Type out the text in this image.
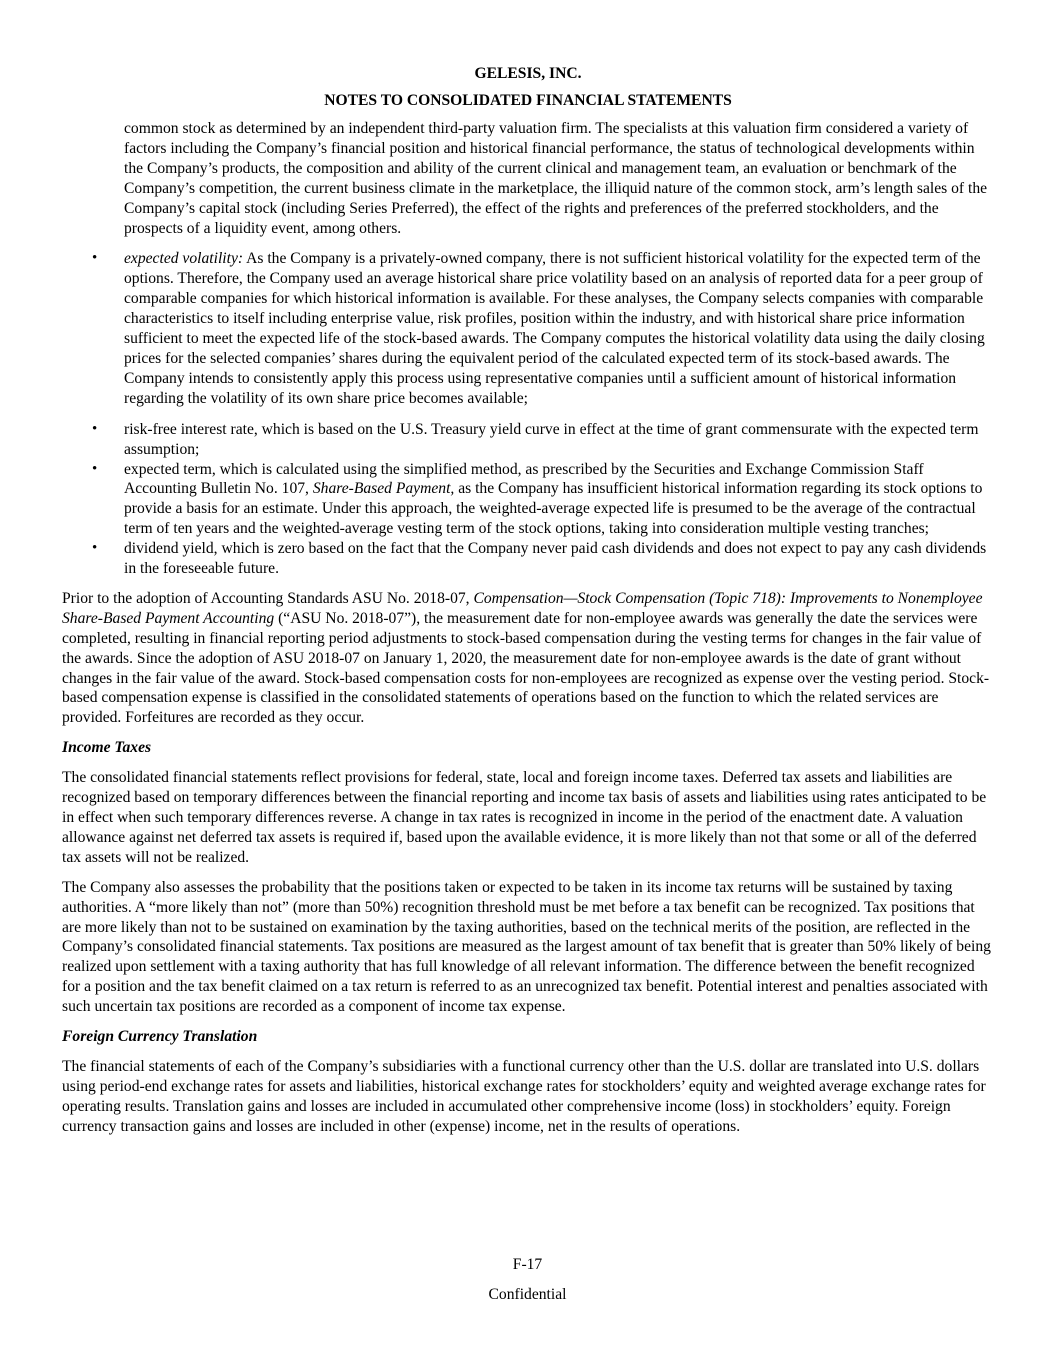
GELESIS, INC.
NOTES TO CONSOLIDATED FINANCIAL STATEMENTS

common stock as determined by an independent third-party valuation firm. The specialists at this valuation firm considered a variety of factors including the Company’s financial position and historical financial performance, the status of technological developments within the Company’s products, the composition and ability of the current clinical and management team, an evaluation or benchmark of the Company’s competition, the current business climate in the marketplace, the illiquid nature of the common stock, arm’s length sales of the Company’s capital stock (including Series Preferred), the effect of the rights and preferences of the preferred stockholders, and the prospects of a liquidity event, among others.

• expected volatility: As the Company is a privately-owned company, there is not sufficient historical volatility for the expected term of the options. Therefore, the Company used an average historical share price volatility based on an analysis of reported data for a peer group of comparable companies for which historical information is available. For these analyses, the Company selects companies with comparable characteristics to itself including enterprise value, risk profiles, position within the industry, and with historical share price information sufficient to meet the expected life of the stock-based awards. The Company computes the historical volatility data using the daily closing prices for the selected companies’ shares during the equivalent period of the calculated expected term of its stock-based awards. The Company intends to consistently apply this process using representative companies until a sufficient amount of historical information regarding the volatility of its own share price becomes available;
• risk-free interest rate, which is based on the U.S. Treasury yield curve in effect at the time of grant commensurate with the expected term assumption;
• expected term, which is calculated using the simplified method, as prescribed by the Securities and Exchange Commission Staff Accounting Bulletin No. 107, Share-Based Payment, as the Company has insufficient historical information regarding its stock options to provide a basis for an estimate. Under this approach, the weighted-average expected life is presumed to be the average of the contractual term of ten years and the weighted-average vesting term of the stock options, taking into consideration multiple vesting tranches;
• dividend yield, which is zero based on the fact that the Company never paid cash dividends and does not expect to pay any cash dividends in the foreseeable future.

Prior to the adoption of Accounting Standards ASU No. 2018-07, Compensation—Stock Compensation (Topic 718): Improvements to Nonemployee Share-Based Payment Accounting (“ASU No. 2018-07”), the measurement date for non-employee awards was generally the date the services were completed, resulting in financial reporting period adjustments to stock-based compensation during the vesting terms for changes in the fair value of the awards. Since the adoption of ASU 2018-07 on January 1, 2020, the measurement date for non-employee awards is the date of grant without changes in the fair value of the award. Stock-based compensation costs for non-employees are recognized as expense over the vesting period. Stock-based compensation expense is classified in the consolidated statements of operations based on the function to which the related services are provided. Forfeitures are recorded as they occur.

Income Taxes

The consolidated financial statements reflect provisions for federal, state, local and foreign income taxes. Deferred tax assets and liabilities are recognized based on temporary differences between the financial reporting and income tax basis of assets and liabilities using rates anticipated to be in effect when such temporary differences reverse. A change in tax rates is recognized in income in the period of the enactment date. A valuation allowance against net deferred tax assets is required if, based upon the available evidence, it is more likely than not that some or all of the deferred tax assets will not be realized.

The Company also assesses the probability that the positions taken or expected to be taken in its income tax returns will be sustained by taxing authorities. A “more likely than not” (more than 50%) recognition threshold must be met before a tax benefit can be recognized. Tax positions that are more likely than not to be sustained on examination by the taxing authorities, based on the technical merits of the position, are reflected in the Company’s consolidated financial statements. Tax positions are measured as the largest amount of tax benefit that is greater than 50% likely of being realized upon settlement with a taxing authority that has full knowledge of all relevant information. The difference between the benefit recognized for a position and the tax benefit claimed on a tax return is referred to as an unrecognized tax benefit. Potential interest and penalties associated with such uncertain tax positions are recorded as a component of income tax expense.

Foreign Currency Translation

The financial statements of each of the Company’s subsidiaries with a functional currency other than the U.S. dollar are translated into U.S. dollars using period-end exchange rates for assets and liabilities, historical exchange rates for stockholders’ equity and weighted average exchange rates for operating results. Translation gains and losses are included in accumulated other comprehensive income (loss) in stockholders’ equity. Foreign currency transaction gains and losses are included in other (expense) income, net in the results of operations.

F-17
Confidential
